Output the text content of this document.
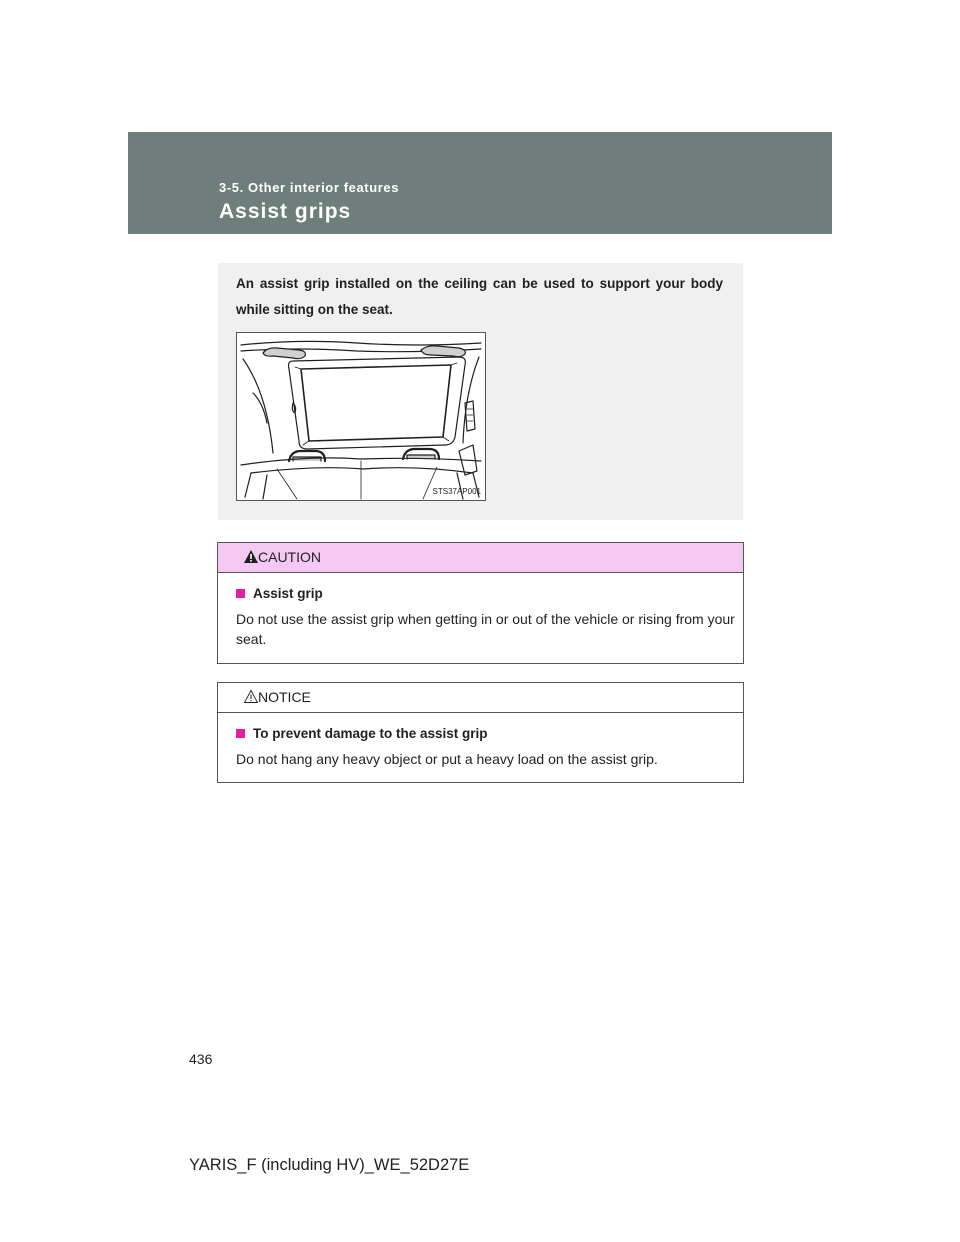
3-5. Other interior features
Assist grips
An assist grip installed on the ceiling can be used to support your body while sitting on the seat.
STS37AP001
CAUTION
Assist grip
Do not use the assist grip when getting in or out of the vehicle or rising from your seat.
NOTICE
To prevent damage to the assist grip
Do not hang any heavy object or put a heavy load on the assist grip.
436
YARIS_F (including HV)_WE_52D27E
